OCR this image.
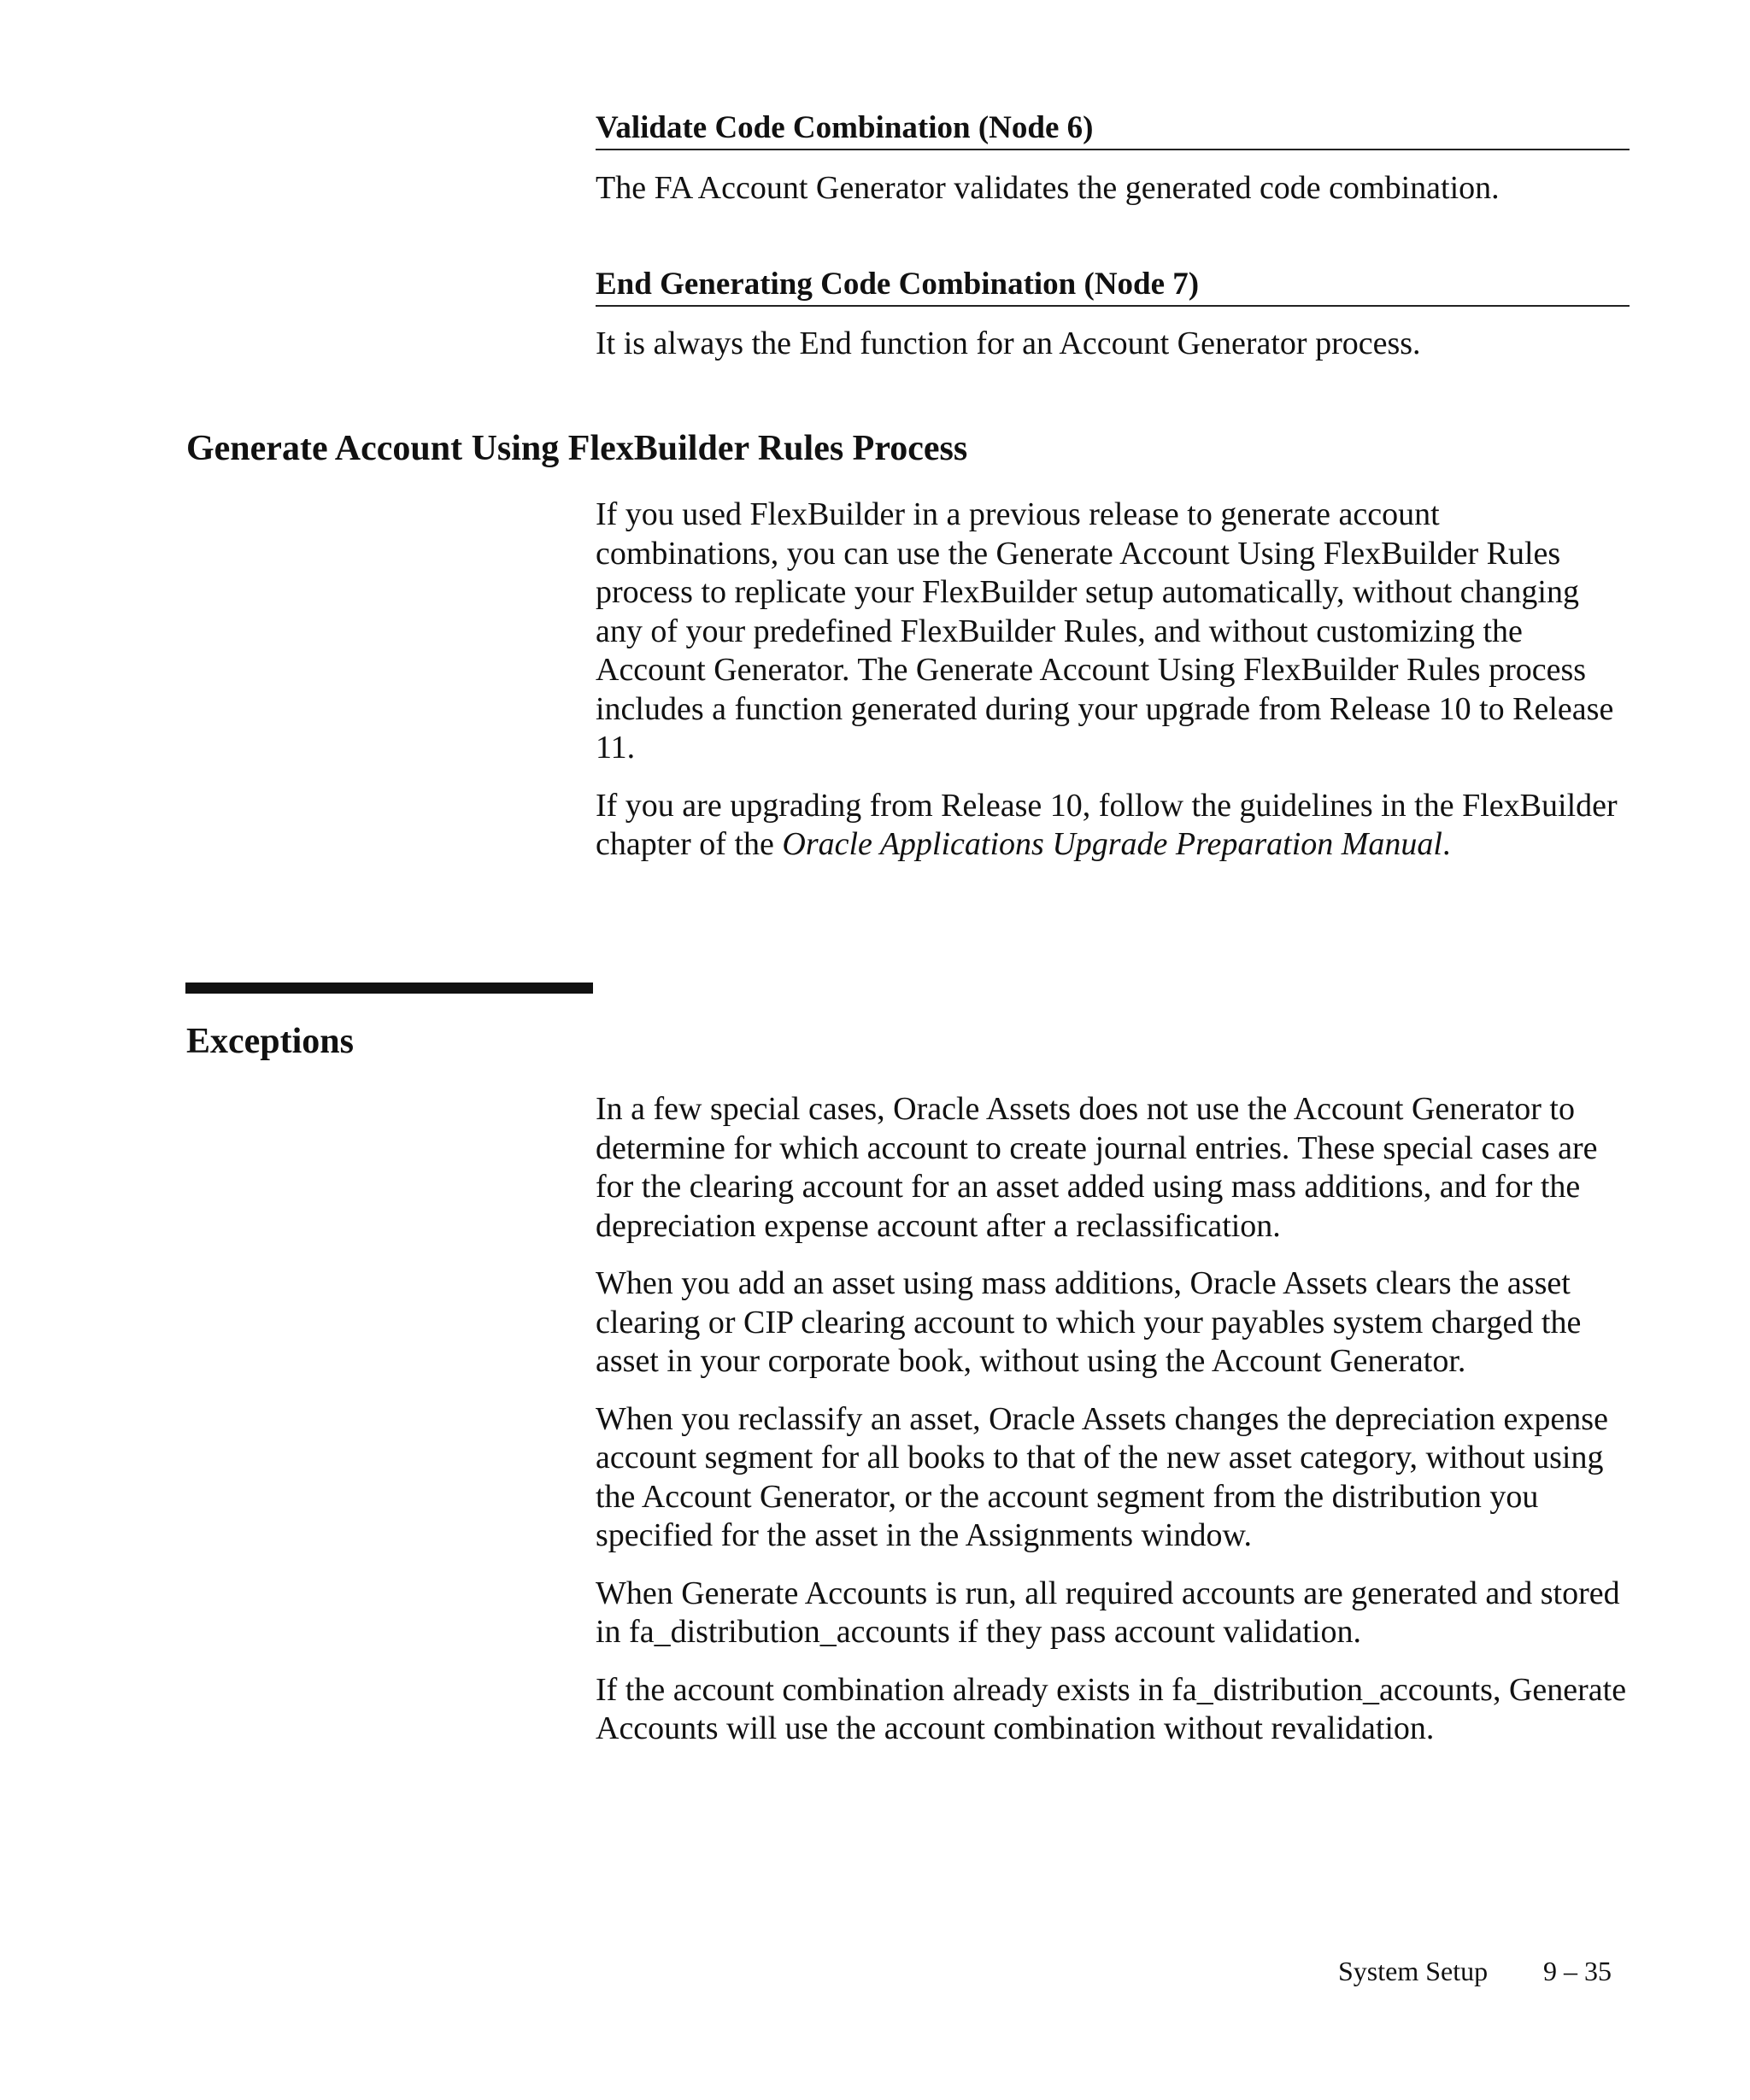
Validate Code Combination (Node 6)
The FA Account Generator validates the generated code combination.
End Generating Code Combination (Node 7)
It is always the End function for an Account Generator process.
Generate Account Using FlexBuilder Rules Process

If you used FlexBuilder in a previous release to generate account combinations, you can use the Generate Account Using FlexBuilder Rules process to replicate your FlexBuilder setup automatically, without changing any of your predefined FlexBuilder Rules, and without customizing the Account Generator. The Generate Account Using FlexBuilder Rules process includes a function generated during your upgrade from Release 10 to Release 11.

If you are upgrading from Release 10, follow the guidelines in the FlexBuilder chapter of the Oracle Applications Upgrade Preparation Manual.

Exceptions

In a few special cases, Oracle Assets does not use the Account Generator to determine for which account to create journal entries. These special cases are for the clearing account for an asset added using mass additions, and for the depreciation expense account after a reclassification.

When you add an asset using mass additions, Oracle Assets clears the asset clearing or CIP clearing account to which your payables system charged the asset in your corporate book, without using the Account Generator.

When you reclassify an asset, Oracle Assets changes the depreciation expense account segment for all books to that of the new asset category, without using the Account Generator, or the account segment from the distribution you specified for the asset in the Assignments window.

When Generate Accounts is run, all required accounts are generated and stored in fa_distribution_accounts if they pass account validation.

If the account combination already exists in fa_distribution_accounts, Generate Accounts will use the account combination without revalidation.

System Setup 9 – 35
